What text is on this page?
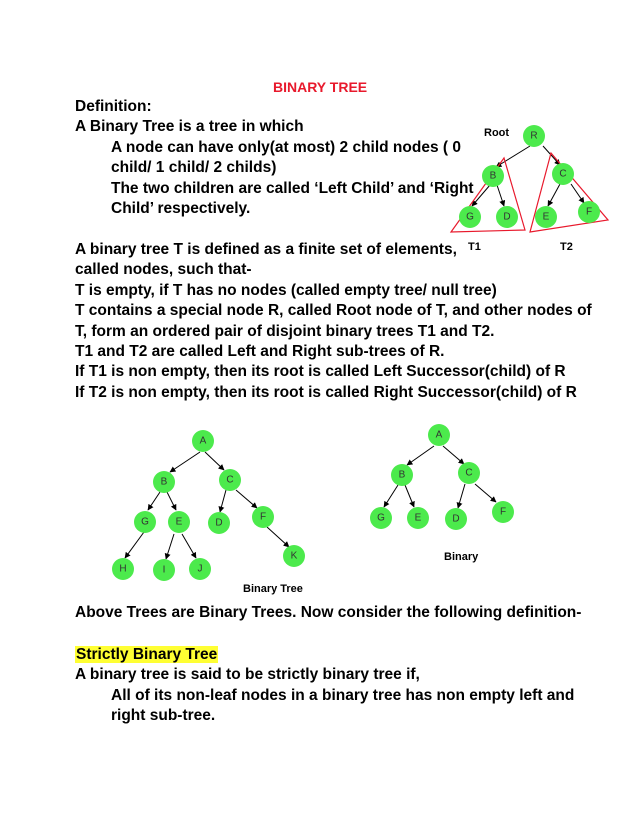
BINARY TREE
Definition:
A Binary Tree is a tree in which
A node can have only(at most) 2 child nodes ( 0
child/ 1 child/ 2 childs)
The two children are called ‘Left Child’ and ‘Right
Child’ respectively.
A binary tree T is defined as a finite set of elements,
called nodes, such that-
T is empty, if T has no nodes (called empty tree/ null tree)
T contains a special node R, called Root node of T, and other nodes of
T, form an ordered pair of disjoint binary trees T1 and T2.
T1 and T2 are called Left and Right sub-trees of R.
If T1 is non empty, then its root is called Left Successor(child) of R
If T2 is non empty, then its root is called Right Successor(child) of R
Above Trees are Binary Trees. Now consider the following definition-
Strictly Binary Tree
A binary tree is said to be strictly binary tree if,
All of its non-leaf nodes in a binary tree has non empty left and
right sub-tree.
Root
T1	T2
Binary Tree
Binary
R
B	C
G	D	E	F
A
B	C
G	E	D
F
H	I	J
K
A
B	C
G	E	D
F
